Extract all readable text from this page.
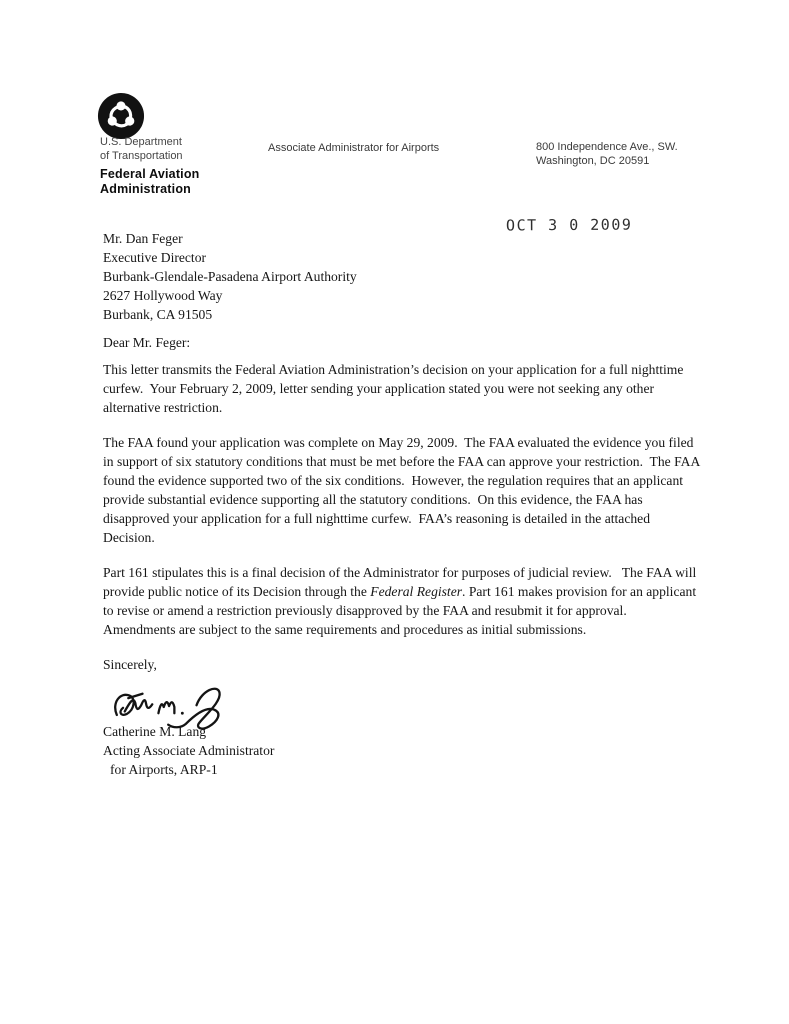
U.S. Department
of Transportation
Federal Aviation
Administration
Associate Administrator for Airports	800 Independence Ave., SW.
Washington, DC 20591
OCT 3 0 2009
Mr. Dan Feger
Executive Director
Burbank-Glendale-Pasadena Airport Authority
2627 Hollywood Way
Burbank, CA 91505

Dear Mr. Feger:

This letter transmits the Federal Aviation Administration’s decision on your application for a full nighttime curfew.  Your February 2, 2009, letter sending your application stated you were not seeking any other alternative restriction.

The FAA found your application was complete on May 29, 2009.  The FAA evaluated the evidence you filed in support of six statutory conditions that must be met before the FAA can approve your restriction.  The FAA found the evidence supported two of the six conditions.  However, the regulation requires that an applicant provide substantial evidence supporting all the statutory conditions.  On this evidence, the FAA has disapproved your application for a full nighttime curfew.  FAA’s reasoning is detailed in the attached Decision.

Part 161 stipulates this is a final decision of the Administrator for purposes of judicial review.   The FAA will provide public notice of its Decision through the Federal Register. Part 161 makes provision for an applicant to revise or amend a restriction previously disapproved by the FAA and resubmit it for approval.  Amendments are subject to the same requirements and procedures as initial submissions.

Sincerely,

Catherine M. Lang
Acting Associate Administrator
for Airports, ARP-1
